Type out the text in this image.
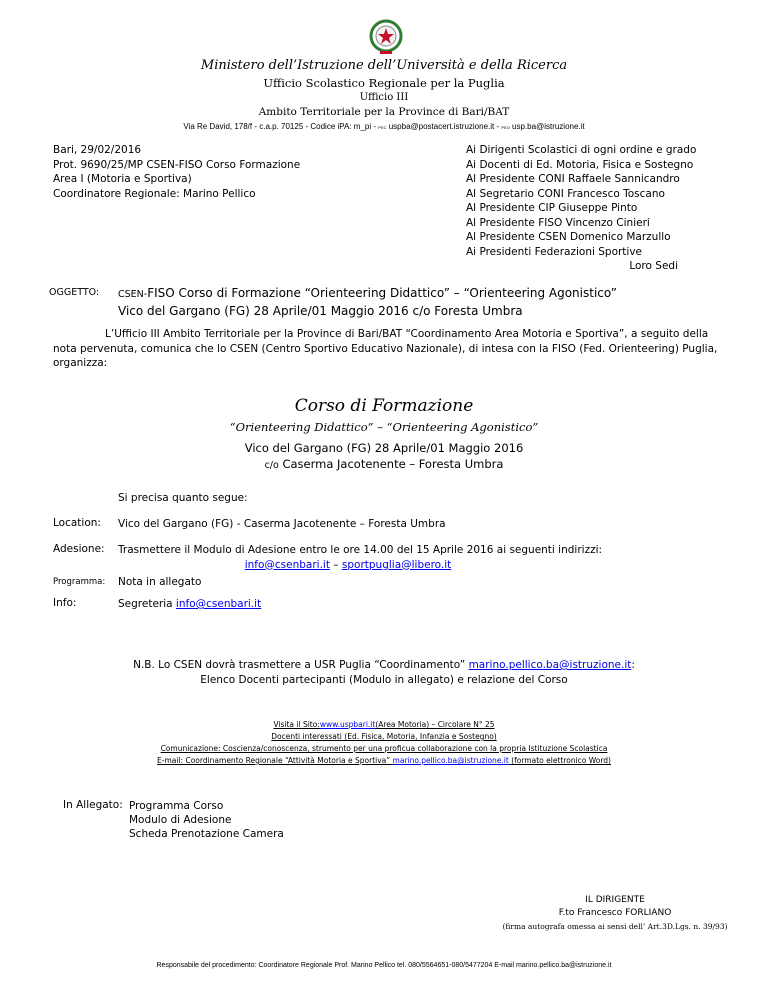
Ministero dell’Istruzione dell’Università e della Ricerca
Ufficio Scolastico Regionale per la Puglia
Ufficio III
Ambito Territoriale per la Province di Bari/BAT
Via Re David, 178/f - c.a.p. 70125 - Codice iPA: m_pi - PEC uspba@postacert.istruzione.it - PEO usp.ba@istruzione.it
Bari, 29/02/2016
Prot. 9690/25/MP CSEN-FISO Corso Formazione
Area I (Motoria e Sportiva)
Coordinatore Regionale: Marino Pellico
Ai Dirigenti Scolastici di ogni ordine e grado
Ai Docenti di Ed. Motoria, Fisica e Sostegno
Al Presidente CONI Raffaele Sannicandro
Al Segretario CONI Francesco Toscano
Al Presidente CIP Giuseppe Pinto
Al Presidente FISO Vincenzo Cinieri
Al Presidente CSEN Domenico Marzullo
Ai Presidenti Federazioni Sportive
Loro Sedi
OGGETTO: CSEN-FISO Corso di Formazione “Orienteering Didattico” – “Orienteering Agonistico”
Vico del Gargano (FG) 28 Aprile/01 Maggio 2016 c/o Foresta Umbra
L’Ufficio III Ambito Territoriale per la Province di Bari/BAT “Coordinamento Area Motoria e Sportiva”, a seguito della nota pervenuta, comunica che lo CSEN (Centro Sportivo Educativo Nazionale), di intesa con la FISO (Fed. Orienteering) Puglia, organizza:
Corso di Formazione
“Orienteering Didattico” – “Orienteering Agonistico”
Vico del Gargano (FG) 28 Aprile/01 Maggio 2016
c/o Caserma Jacotenente – Foresta Umbra
Si precisa quanto segue:
Location: Vico del Gargano (FG) - Caserma Jacotenente – Foresta Umbra
Adesione: Trasmettere il Modulo di Adesione entro le ore 14.00 del 15 Aprile 2016 ai seguenti indirizzi:
info@csenbari.it – sportpuglia@libero.it
Programma: Nota in allegato
Info:	Segreteria info@csenbari.it
N.B. Lo CSEN dovrà trasmettere a USR Puglia “Coordinamento” marino.pellico.ba@istruzione.it:
Elenco Docenti partecipanti (Modulo in allegato) e relazione del Corso
Visita il Sito:www.uspbari.it(Area Motoria) – Circolare N° 25
Docenti interessati (Ed. Fisica, Motoria, Infanzia e Sostegno)
Comunicazione: Coscienza/conoscenza, strumento per una proficua collaborazione con la propria Istituzione Scolastica
E-mail: Coordinamento Regionale “Attività Motoria e Sportiva” marino.pellico.ba@istruzione.it (formato elettronico Word)
In Allegato: Programma Corso
Modulo di Adesione
Scheda Prenotazione Camera
IL DIRIGENTE
F.to Francesco FORLIANO
(firma autografa omessa ai sensi dell’ Art.3D.Lgs. n. 39/93)
Responsabile del procedimento: Coordinatore Regionale Prof. Marino Pellico tel. 080/5564651-080/5477204 E-mail marino.pellico.ba@istruzione.it
